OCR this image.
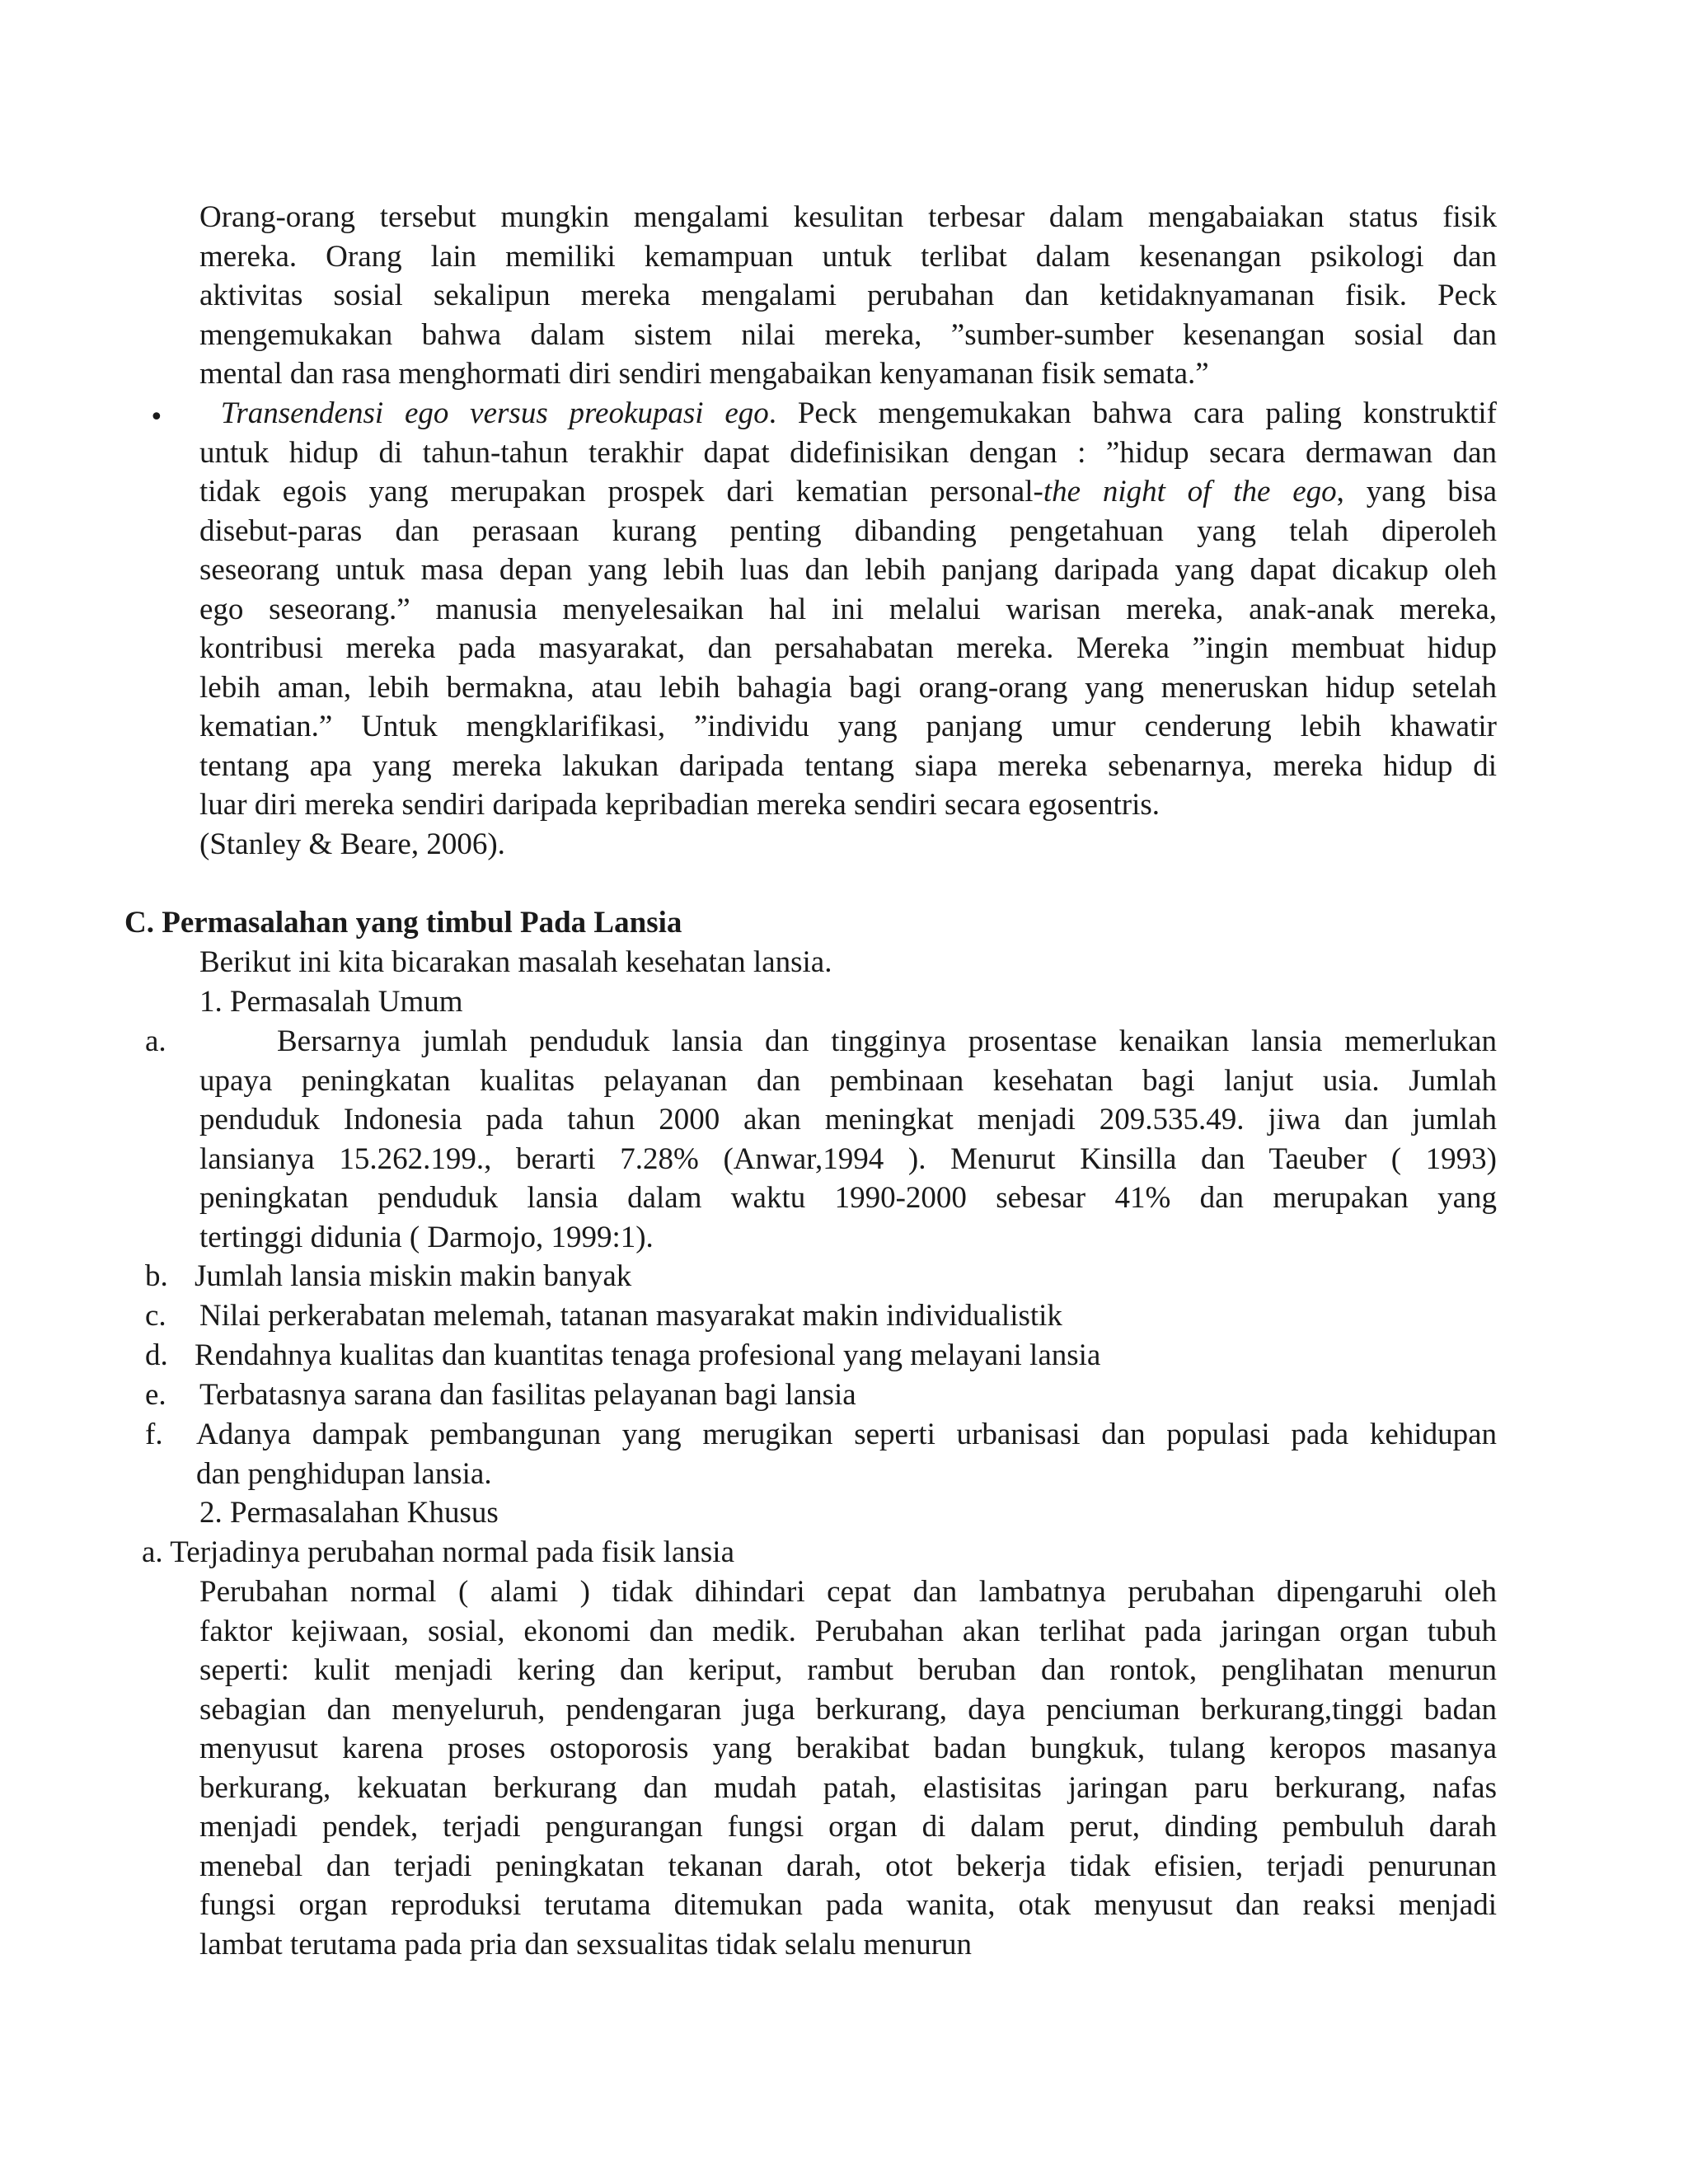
Orang-orang tersebut mungkin mengalami kesulitan terbesar dalam mengabaiakan status fisik
mereka. Orang lain memiliki kemampuan untuk terlibat dalam kesenangan psikologi dan
aktivitas sosial sekalipun mereka mengalami perubahan dan ketidaknyamanan fisik. Peck
mengemukakan bahwa dalam sistem nilai mereka, ”sumber-sumber kesenangan sosial dan
mental dan rasa menghormati diri sendiri mengabaikan kenyamanan fisik semata.”
•	Transendensi ego versus preokupasi ego. Peck mengemukakan bahwa cara paling konstruktif
untuk hidup di tahun-tahun terakhir dapat didefinisikan dengan : ”hidup secara dermawan dan
tidak egois yang merupakan prospek dari kematian personal-the night of the ego, yang bisa
disebut-paras dan perasaan kurang penting dibanding pengetahuan yang telah diperoleh
seseorang untuk masa depan yang lebih luas dan lebih panjang daripada yang dapat dicakup oleh
ego seseorang.” manusia menyelesaikan hal ini melalui warisan mereka, anak-anak mereka,
kontribusi mereka pada masyarakat, dan persahabatan mereka. Mereka ”ingin membuat hidup
lebih aman, lebih bermakna, atau lebih bahagia bagi orang-orang yang meneruskan hidup setelah
kematian.” Untuk mengklarifikasi, ”individu yang panjang umur cenderung lebih khawatir
tentang apa yang mereka lakukan daripada tentang siapa mereka sebenarnya, mereka hidup di
luar diri mereka sendiri daripada kepribadian mereka sendiri secara egosentris.
(Stanley & Beare, 2006).
C. Permasalahan yang timbul Pada Lansia
Berikut ini kita bicarakan masalah kesehatan lansia.
1. Permasalah Umum
a.	Bersarnya jumlah penduduk lansia dan tingginya prosentase kenaikan lansia memerlukan
upaya peningkatan kualitas pelayanan dan pembinaan kesehatan bagi lanjut usia. Jumlah
penduduk Indonesia pada tahun 2000 akan meningkat menjadi 209.535.49. jiwa dan jumlah
lansianya 15.262.199., berarti 7.28% (Anwar,1994 ). Menurut Kinsilla dan Taeuber ( 1993)
peningkatan penduduk lansia dalam waktu 1990-2000 sebesar 41% dan merupakan yang
tertinggi didunia ( Darmojo, 1999:1).
b. Jumlah lansia miskin makin banyak
c. Nilai perkerabatan melemah, tatanan masyarakat makin individualistik
d. Rendahnya kualitas dan kuantitas tenaga profesional yang melayani lansia
e. Terbatasnya sarana dan fasilitas pelayanan bagi lansia
f. Adanya dampak pembangunan yang merugikan seperti urbanisasi dan populasi pada kehidupan
dan penghidupan lansia.
2. Permasalahan Khusus
a. Terjadinya perubahan normal pada fisik lansia
Perubahan normal ( alami ) tidak dihindari cepat dan lambatnya perubahan dipengaruhi oleh
faktor kejiwaan, sosial, ekonomi dan medik. Perubahan akan terlihat pada jaringan organ tubuh
seperti: kulit menjadi kering dan keriput, rambut beruban dan rontok, penglihatan menurun
sebagian dan menyeluruh, pendengaran juga berkurang, daya penciuman berkurang,tinggi badan
menyusut karena proses ostoporosis yang berakibat badan bungkuk, tulang keropos masanya
berkurang, kekuatan berkurang dan mudah patah, elastisitas jaringan paru berkurang, nafas
menjadi pendek, terjadi pengurangan fungsi organ di dalam perut, dinding pembuluh darah
menebal dan terjadi peningkatan tekanan darah, otot bekerja tidak efisien, terjadi penurunan
fungsi organ reproduksi terutama ditemukan pada wanita, otak menyusut dan reaksi menjadi
lambat terutama pada pria dan sexsualitas tidak selalu menurun
